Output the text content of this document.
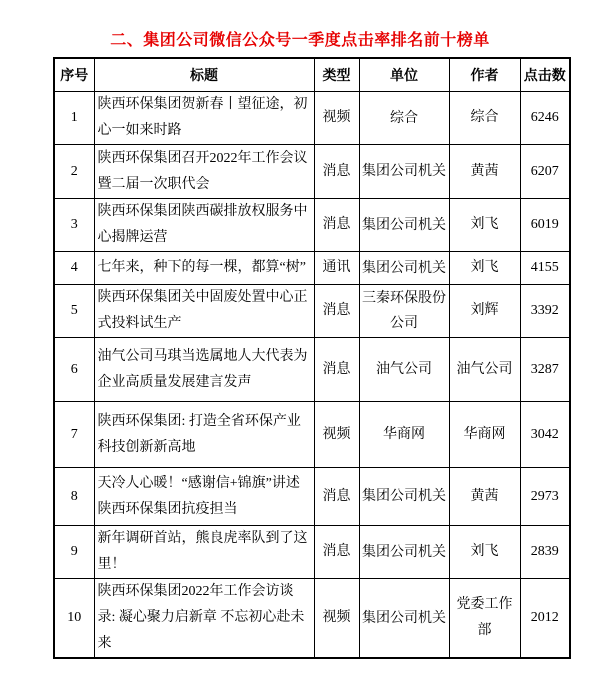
二、集团公司微信公众号一季度点击率排名前十榜单
序号	标题	类型	单位	作者	点击数
1	陕西环保集团贺新春丨望征途，初心一如来时路	视频	综合	综合	6246
2	陕西环保集团召开2022年工作会议暨二届一次职代会	消息	集团公司机关	黄茜	6207
3	陕西环保集团陕西碳排放权服务中心揭牌运营	消息	集团公司机关	刘飞	6019
4	七年来，种下的每一棵，都算“树”	通讯	集团公司机关	刘飞	4155
5	陕西环保集团关中固废处置中心正式投料试生产	消息	三秦环保股份公司	刘辉	3392
6	油气公司马琪当选属地人大代表为企业高质量发展建言发声	消息	油气公司	油气公司	3287
7	陕西环保集团: 打造全省环保产业科技创新新高地	视频	华商网	华商网	3042
8	天冷人心暖！“感谢信+锦旗”讲述陕西环保集团抗疫担当	消息	集团公司机关	黄茜	2973
9	新年调研首站，熊良虎率队到了这里！	消息	集团公司机关	刘飞	2839
10	陕西环保集团2022年工作会访谈录: 凝心聚力启新章 不忘初心赴未来	视频	集团公司机关	党委工作部	2012
